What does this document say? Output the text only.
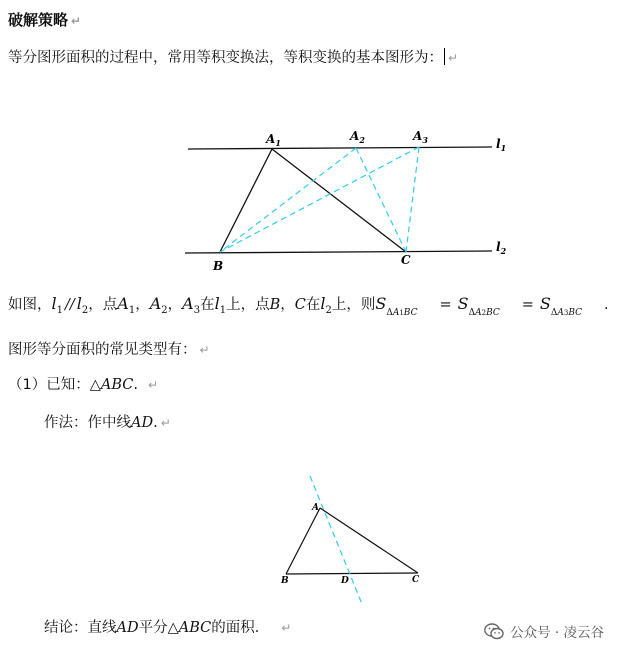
破解策略 ↵
等分图形面积的过程中，常用等积变换法，等积变换的基本图形为： ↵
$A_1$	$A_2$	$A_3$	$l_1$
$l_2$
B	C
A
B	D	C
如图，$l_1 // l_2$，点$A_1$，$A_2$，$A_3$在$l_1$上，点B，C在$l_2$上，则$S_{\Delta A1BC} = S_{\Delta A2BC} = S_{\Delta A3BC}$ .
图形等分面积的常见类型有： ↵
（1）已知：△ABC. ↵
作法：作中线AD. ↵
结论：直线AD平分△ABC的面积． ↵	公众号 · 凌云谷
